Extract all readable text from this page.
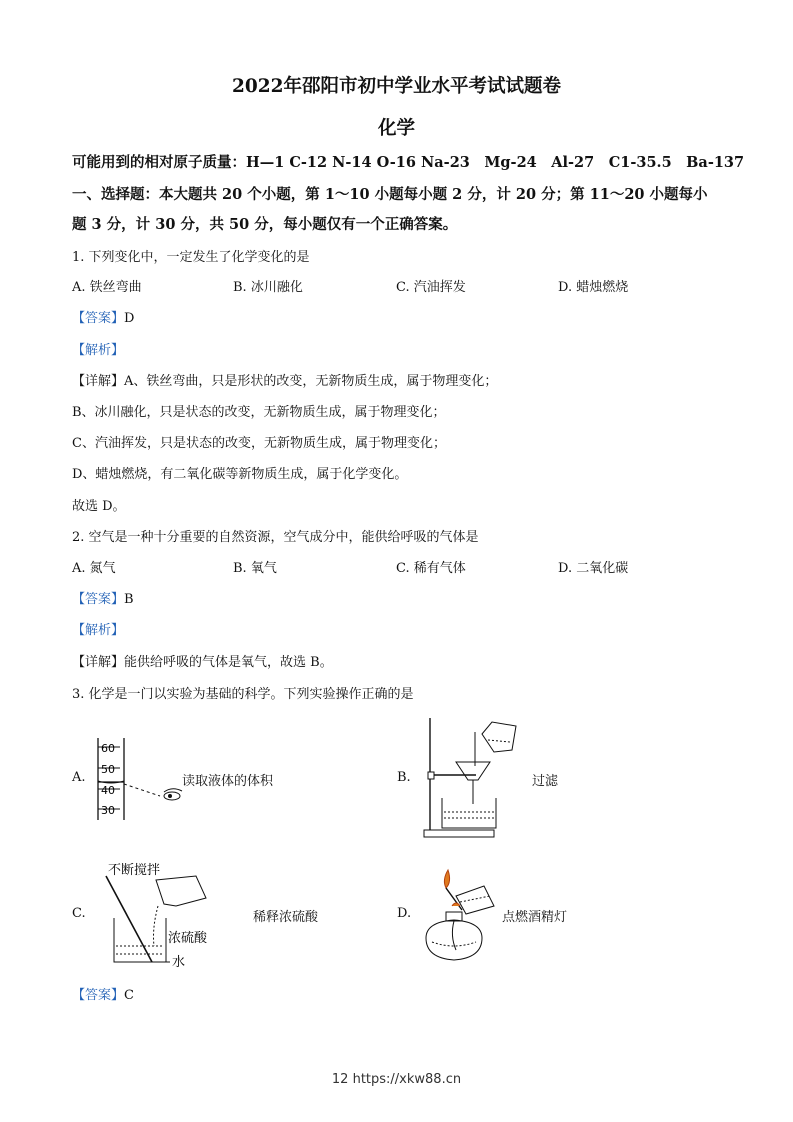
2022年邵阳市初中学业水平考试试题卷
化学
可能用到的相对原子质量：H—1 C-12 N-14 O-16 Na-23　Mg-24　Al-27　C1-35.5　Ba-137
一、选择题：本大题共 20 个小题，第 1～10 小题每小题 2 分，计 20 分；第 11～20 小题每小
题 3 分，计 30 分，共 50 分，每小题仅有一个正确答案。
1. 下列变化中，一定发生了化学变化的是
A. 铁丝弯曲	B. 冰川融化	C. 汽油挥发	D. 蜡烛燃烧
【答案】D
【解析】
【详解】A、铁丝弯曲，只是形状的改变，无新物质生成，属于物理变化；
B、冰川融化，只是状态的改变，无新物质生成，属于物理变化；
C、汽油挥发，只是状态的改变，无新物质生成，属于物理变化；
D、蜡烛燃烧，有二氧化碳等新物质生成，属于化学变化。
故选 D。
2. 空气是一种十分重要的自然资源，空气成分中，能供给呼吸的气体是
A. 氮气	B. 氧气	C. 稀有气体	D. 二氧化碳
【答案】B
【解析】
【详解】能供给呼吸的气体是氧气，故选 B。
3. 化学是一门以实验为基础的科学。下列实验操作正确的是
A.
60
50
40
30
读取液体的体积	B.	过滤
C.
不断搅拌
浓硫酸
水
稀释浓硫酸	D.	点燃酒精灯
【答案】C
12 https://xkw88.cn
